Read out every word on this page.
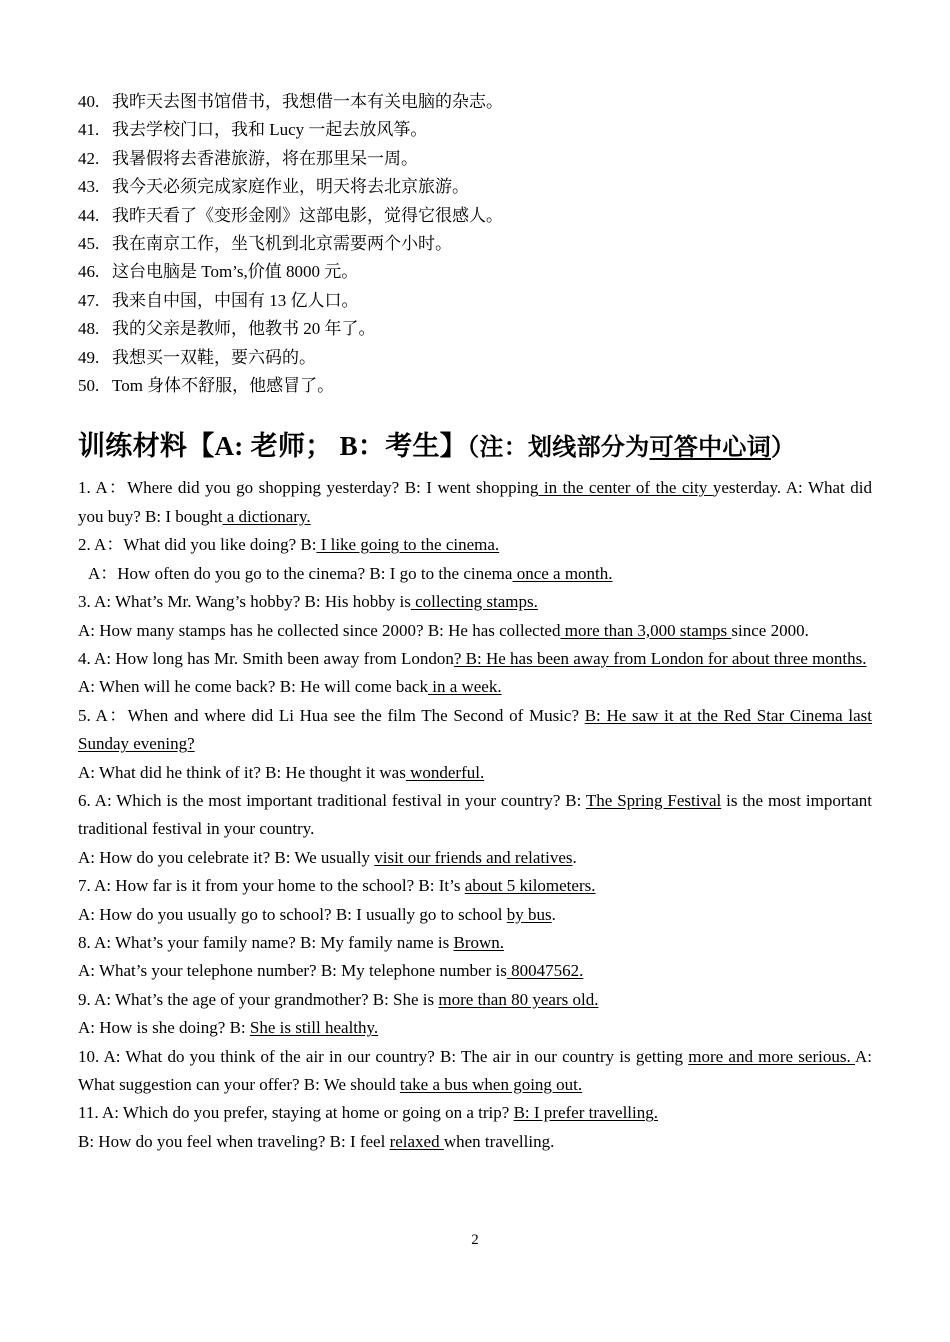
40. 我昨天去图书馆借书，我想借一本有关电脑的杂志。
41. 我去学校门口，我和 Lucy 一起去放风筝。
42. 我暑假将去香港旅游，将在那里呆一周。
43. 我今天必须完成家庭作业，明天将去北京旅游。
44. 我昨天看了《变形金刚》这部电影，觉得它很感人。
45. 我在南京工作，坐飞机到北京需要两个小时。
46. 这台电脑是 Tom’s,价值 8000 元。
47. 我来自中国，中国有 13 亿人口。
48. 我的父亲是教师，他教书 20 年了。
49. 我想买一双鞋，要六码的。
50. Tom 身体不舒服，他感冒了。
训练材料【A: 老师； B：考生】（注：划线部分为可答中心词）
1. A：Where did you go shopping yesterday? B: I went shopping in the center of the city yesterday. A: What did you buy? B: I bought a dictionary.
2. A：What did you like doing? B: I like going to the cinema.
A：How often do you go to the cinema? B: I go to the cinema once a month.
3. A: What’s Mr. Wang’s hobby? B: His hobby is collecting stamps.
A: How many stamps has he collected since 2000? B: He has collected more than 3,000 stamps since 2000.
4. A: How long has Mr. Smith been away from London? B: He has been away from London for about three months.
A: When will he come back? B: He will come back in a week.
5. A：When and where did Li Hua see the film The Second of Music? B: He saw it at the Red Star Cinema last Sunday evening?
A: What did he think of it? B: He thought it was wonderful.
6. A: Which is the most important traditional festival in your country? B: The Spring Festival is the most important traditional festival in your country.
A: How do you celebrate it? B: We usually visit our friends and relatives.
7. A: How far is it from your home to the school? B: It’s about 5 kilometers.
A: How do you usually go to school? B: I usually go to school by bus.
8. A: What’s your family name? B: My family name is Brown.
A: What’s your telephone number? B: My telephone number is 80047562.
9. A: What’s the age of your grandmother? B: She is more than 80 years old.
A: How is she doing? B: She is still healthy.
10. A: What do you think of the air in our country? B: The air in our country is getting more and more serious. A: What suggestion can your offer? B: We should take a bus when going out.
11. A: Which do you prefer, staying at home or going on a trip? B: I prefer travelling.
B: How do you feel when traveling? B: I feel relaxed when travelling.
2
